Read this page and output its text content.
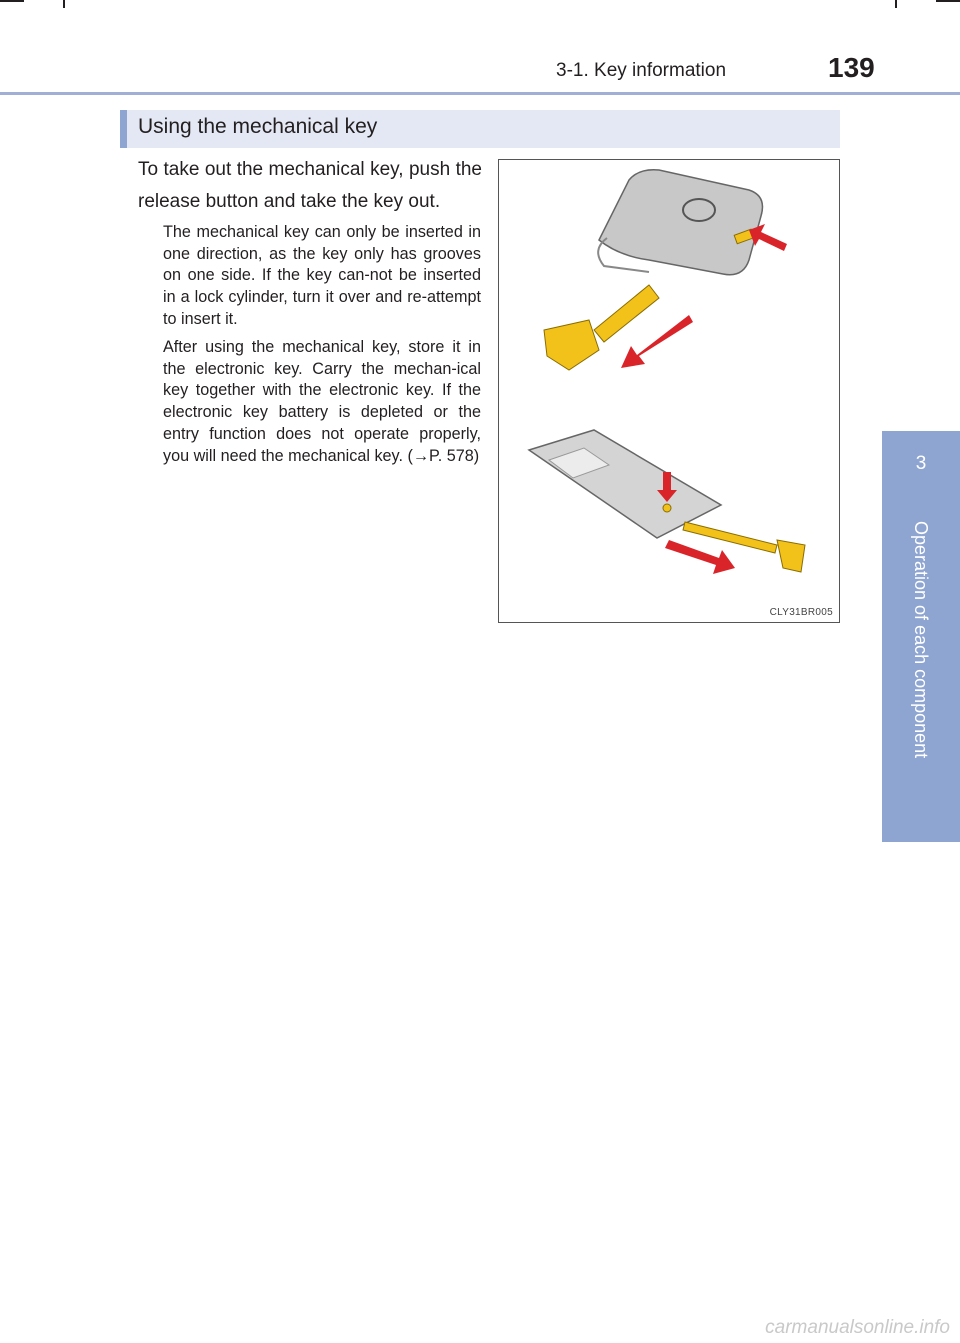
3-1. Key information	139
3
Operation of each component
Using the mechanical key

To take out the mechanical key, push the release button and take the key out.

The mechanical key can only be inserted in one direction, as the key only has grooves on one side. If the key can-not be inserted in a lock cylinder, turn it over and re-attempt to insert it.

After using the mechanical key, store it in the electronic key. Carry the mechan-ical key together with the electronic key. If the electronic key battery is depleted or the entry function does not operate properly, you will need the mechanical key. (→P. 578)

CLY31BR005
carmanualsonline.info
